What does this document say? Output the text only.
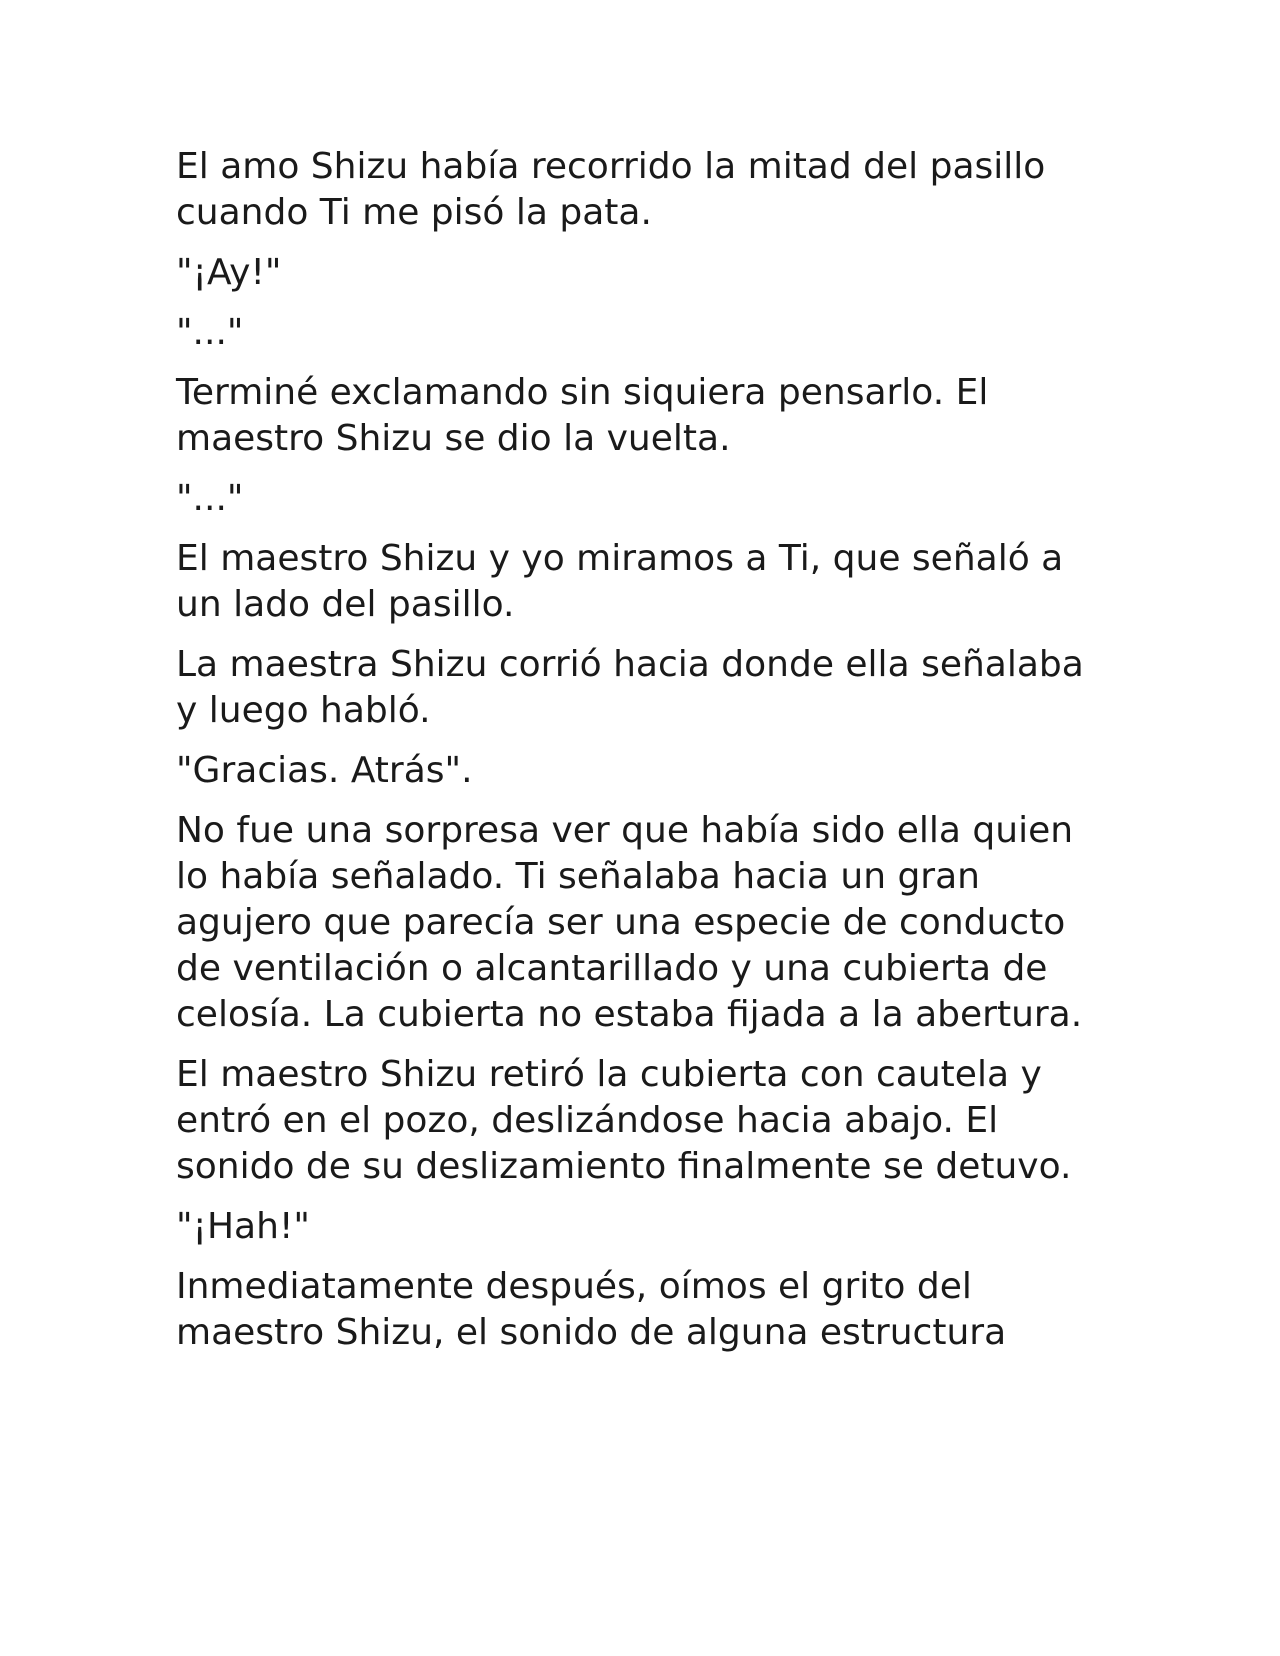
El amo Shizu había recorrido la mitad del pasillo cuando Ti me pisó la pata.

"¡Ay!"

"..."

Terminé exclamando sin siquiera pensarlo. El maestro Shizu se dio la vuelta.

"..."

El maestro Shizu y yo miramos a Ti, que señaló a un lado del pasillo.

La maestra Shizu corrió hacia donde ella señalaba y luego habló.

"Gracias. Atrás".

No fue una sorpresa ver que había sido ella quien lo había señalado. Ti señalaba hacia un gran agujero que parecía ser una especie de conducto de ventilación o alcantarillado y una cubierta de celosía. La cubierta no estaba fijada a la abertura.

El maestro Shizu retiró la cubierta con cautela y entró en el pozo, deslizándose hacia abajo. El sonido de su deslizamiento finalmente se detuvo.

"¡Hah!"

Inmediatamente después, oímos el grito del maestro Shizu, el sonido de alguna estructura
